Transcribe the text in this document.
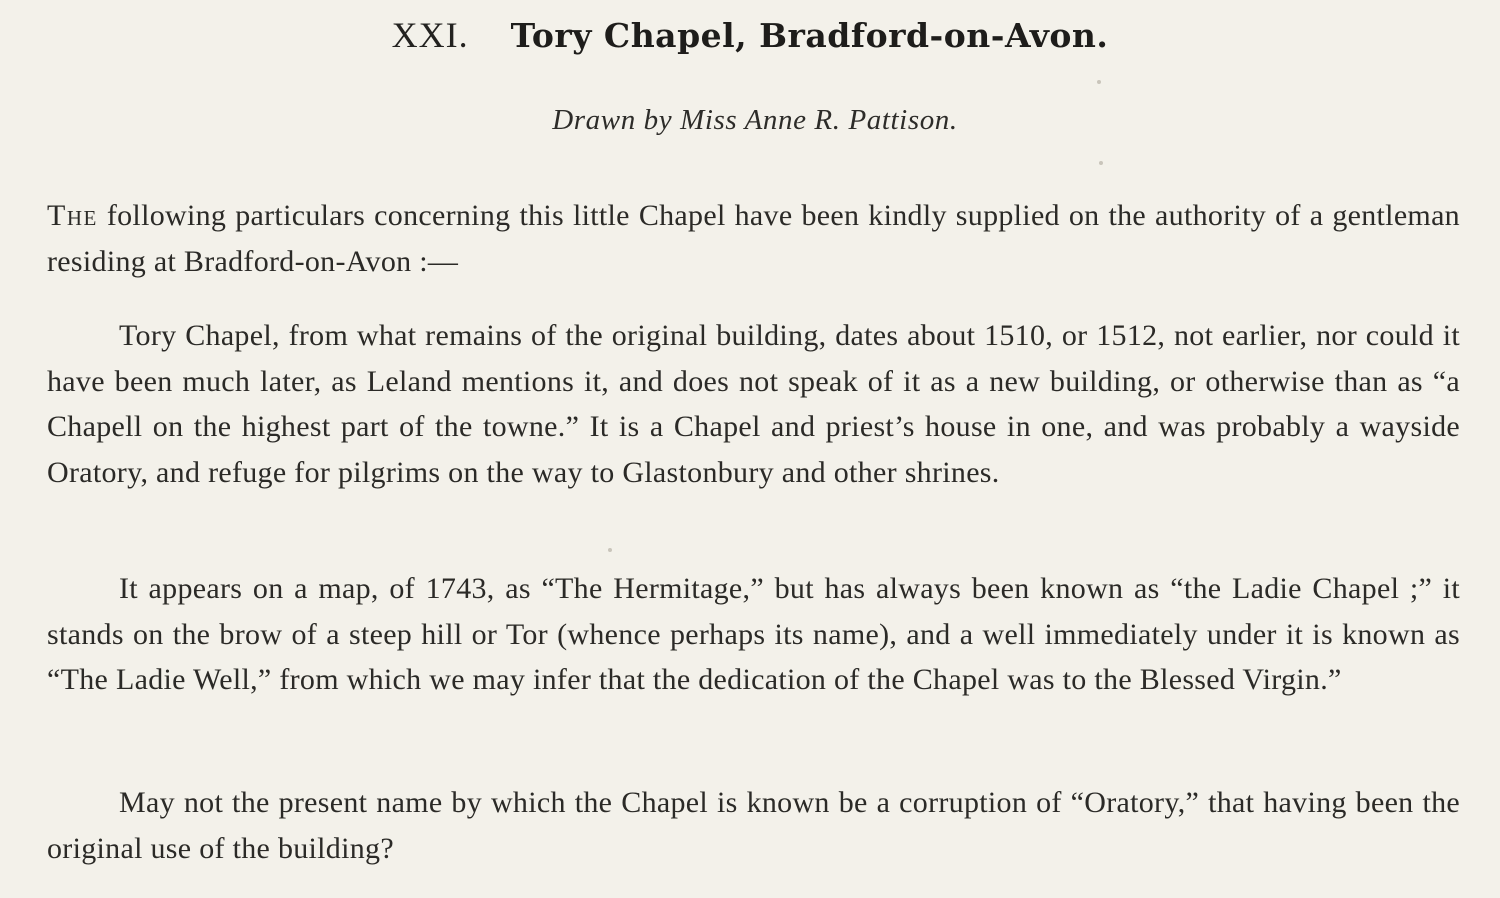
XXI. Tory Chapel, Bradford-on-Avon.
Drawn by Miss Anne R. Pattison.
The following particulars concerning this little Chapel have been kindly supplied on the authority of a gentleman residing at Bradford-on-Avon :—
Tory Chapel, from what remains of the original building, dates about 1510, or 1512, not earlier, nor could it have been much later, as Leland mentions it, and does not speak of it as a new building, or otherwise than as “a Chapell on the highest part of the towne.” It is a Chapel and priest’s house in one, and was probably a wayside Oratory, and refuge for pilgrims on the way to Glastonbury and other shrines.
It appears on a map, of 1743, as “The Hermitage,” but has always been known as “the Ladie Chapel ;” it stands on the brow of a steep hill or Tor (whence perhaps its name), and a well immediately under it is known as “The Ladie Well,” from which we may infer that the dedication of the Chapel was to the Blessed Virgin.”
May not the present name by which the Chapel is known be a corruption of “Oratory,” that having been the original use of the building?
